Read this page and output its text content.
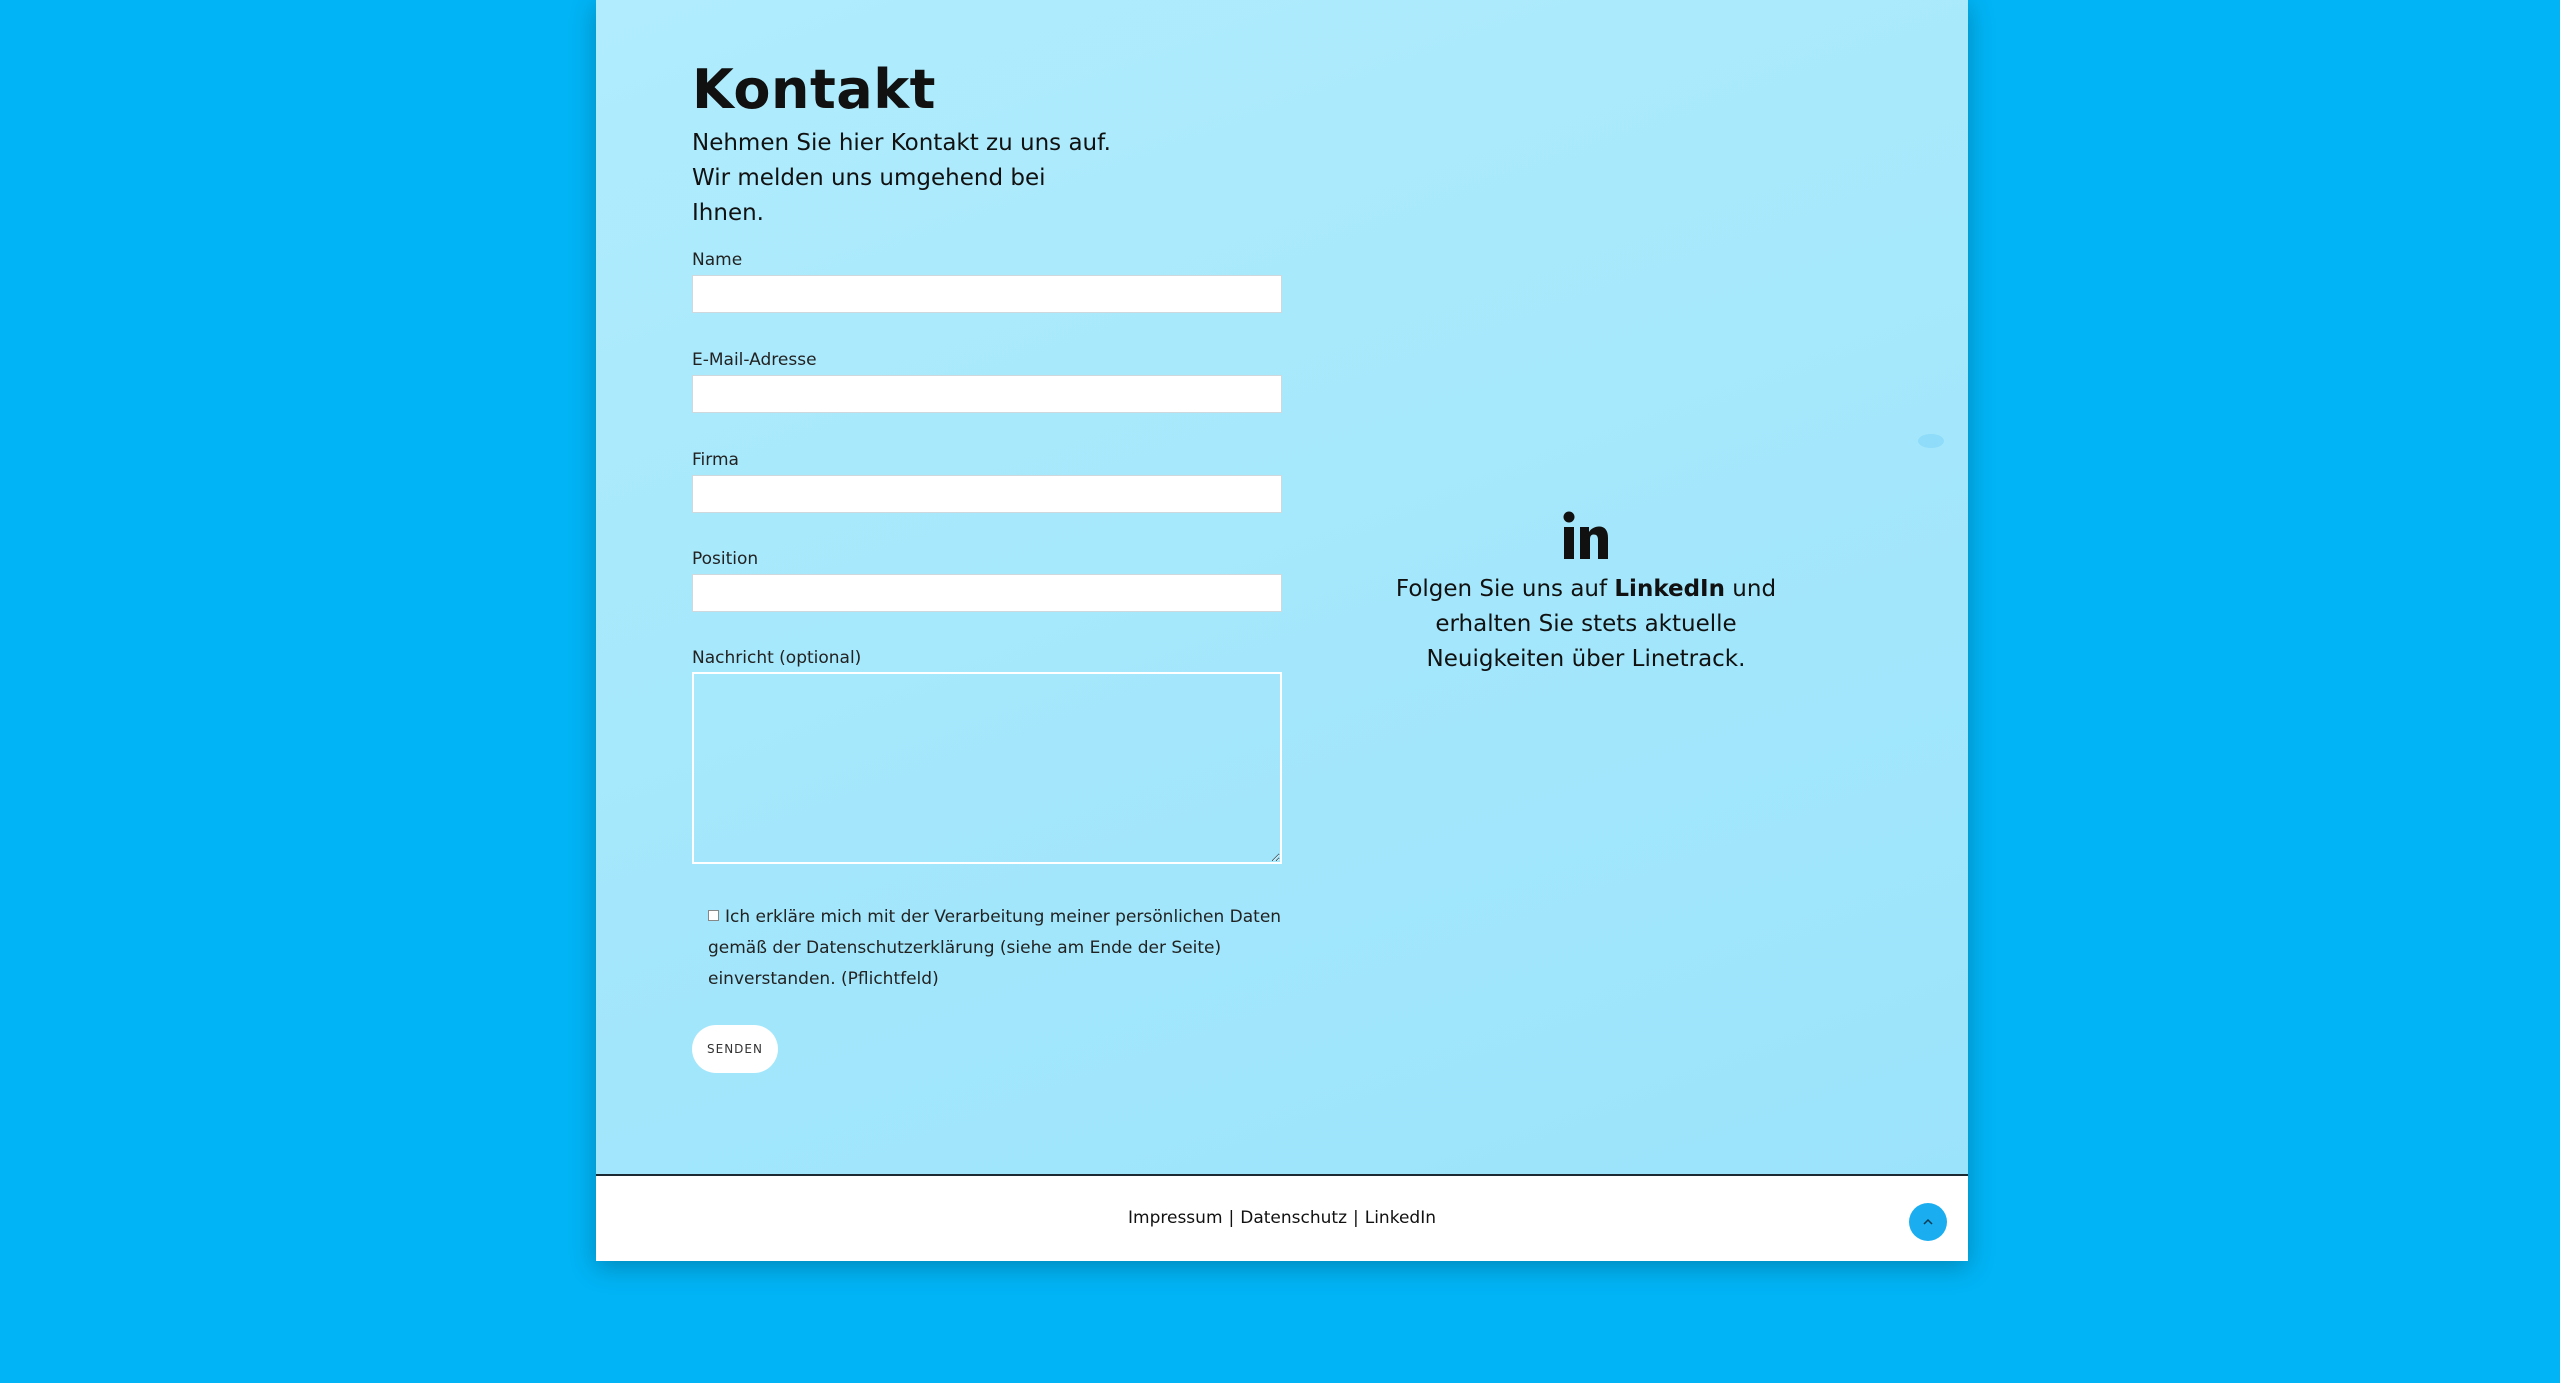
Kontakt

Nehmen Sie hier Kontakt zu uns auf. Wir melden uns umgehend bei Ihnen.

Name
E-Mail-Adresse
Firma
Position
Nachricht (optional)
Ich erkläre mich mit der Verarbeitung meiner persönlichen Daten gemäß der Datenschutzerklärung (siehe am Ende der Seite) einverstanden. (Pflichtfeld)
SENDEN
Folgen Sie uns auf LinkedIn und erhalten Sie stets aktuelle Neuigkeiten über Linetrack.
Impressum | Datenschutz | LinkedIn
